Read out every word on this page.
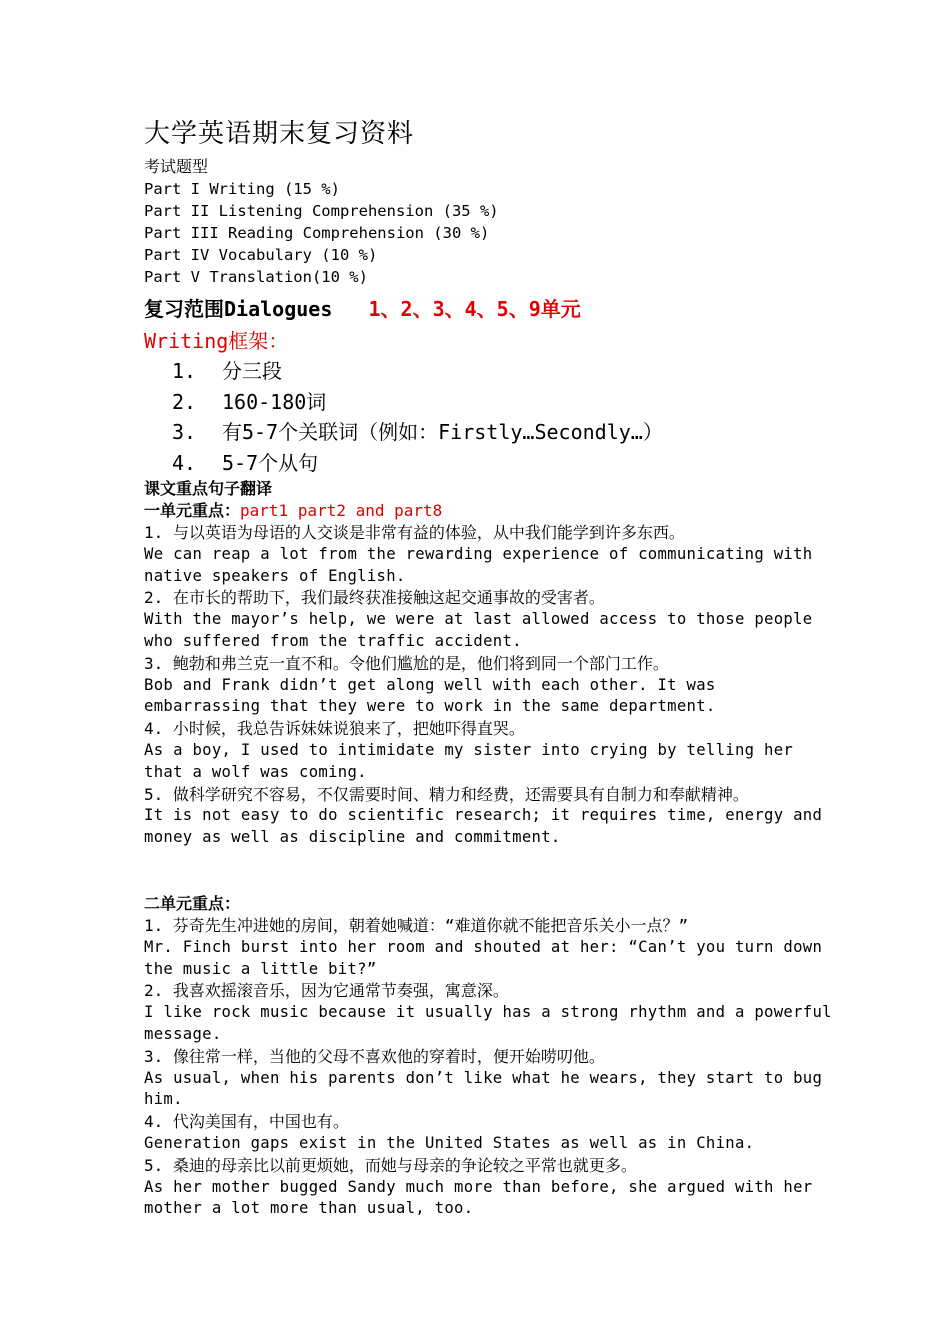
大学英语期末复习资料
考试题型
Part I Writing (15 %)
Part II Listening Comprehension (35 %)
Part III Reading Comprehension (30 %)
Part IV Vocabulary (10 %)
Part V Translation(10 %)
复习范围Dialogues 1、2、3、4、5、9单元
Writing框架：
1. 分三段
2. 160-180词
3. 有5-7个关联词（例如：Firstly…Secondly…）
4. 5-7个从句
课文重点句子翻译
一单元重点：part1 part2 and part8
1. 与以英语为母语的人交谈是非常有益的体验，从中我们能学到许多东西。
We can reap a lot from the rewarding experience of communicating with native speakers of English.
2. 在市长的帮助下，我们最终获准接触这起交通事故的受害者。
With the mayor’s help, we were at last allowed access to those people who suffered from the traffic accident.
3. 鲍勃和弗兰克一直不和。令他们尴尬的是，他们将到同一个部门工作。
Bob and Frank didn’t get along well with each other. It was embarrassing that they were to work in the same department.
4. 小时候，我总告诉妹妹说狼来了，把她吓得直哭。
As a boy, I used to intimidate my sister into crying by telling her that a wolf was coming.
5. 做科学研究不容易，不仅需要时间、精力和经费，还需要具有自制力和奉献精神。
It is not easy to do scientific research; it requires time, energy and money as well as discipline and commitment.
二单元重点：
1. 芬奇先生冲进她的房间，朝着她喊道：“难道你就不能把音乐关小一点？”
Mr. Finch burst into her room and shouted at her: “Can’t you turn down the music a little bit?”
2. 我喜欢摇滚音乐，因为它通常节奏强，寓意深。
I like rock music because it usually has a strong rhythm and a powerful message.
3. 像往常一样，当他的父母不喜欢他的穿着时，便开始唠叨他。
As usual, when his parents don’t like what he wears, they start to bug him.
4. 代沟美国有，中国也有。
Generation gaps exist in the United States as well as in China.
5. 桑迪的母亲比以前更烦她，而她与母亲的争论较之平常也就更多。
As her mother bugged Sandy much more than before, she argued with her mother a lot more than usual, too.
